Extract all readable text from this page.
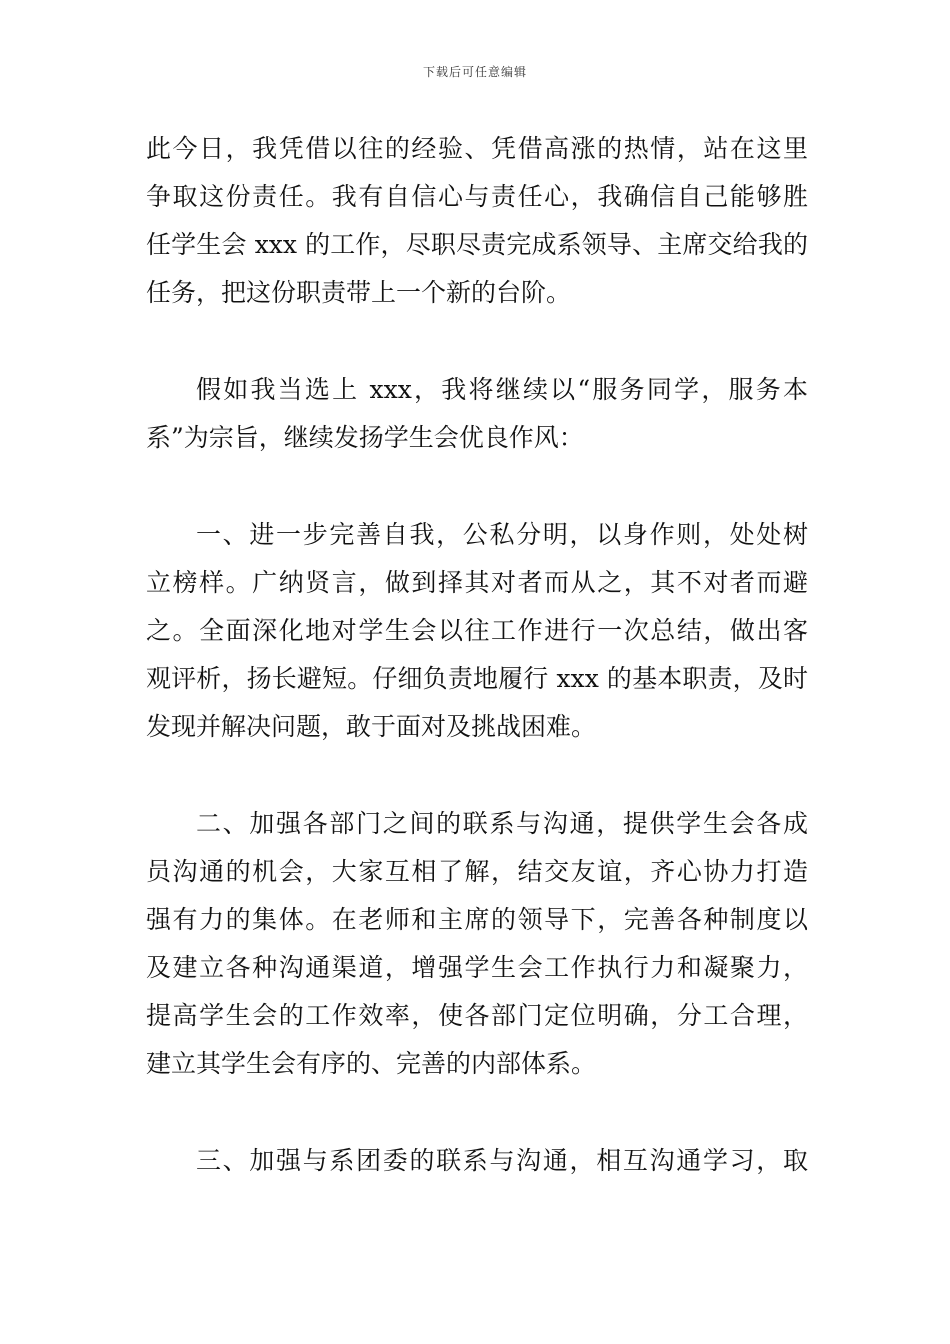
下载后可任意编辑
此今日，我凭借以往的经验、凭借高涨的热情，站在这里
争取这份责任。我有自信心与责任心，我确信自己能够胜
任学生会 xxx 的工作，尽职尽责完成系领导、主席交给我的
任务，把这份职责带上一个新的台阶。
假如我当选上 xxx，我将继续以“服务同学，服务本
系”为宗旨，继续发扬学生会优良作风：
一、进一步完善自我，公私分明，以身作则，处处树
立榜样。广纳贤言，做到择其对者而从之，其不对者而避
之。全面深化地对学生会以往工作进行一次总结，做出客
观评析，扬长避短。仔细负责地履行 xxx 的基本职责，及时
发现并解决问题，敢于面对及挑战困难。
二、加强各部门之间的联系与沟通，提供学生会各成
员沟通的机会，大家互相了解，结交友谊，齐心协力打造
强有力的集体。在老师和主席的领导下，完善各种制度以
及建立各种沟通渠道，增强学生会工作执行力和凝聚力，
提高学生会的工作效率，使各部门定位明确，分工合理，
建立其学生会有序的、完善的内部体系。
三、加强与系团委的联系与沟通，相互沟通学习，取
